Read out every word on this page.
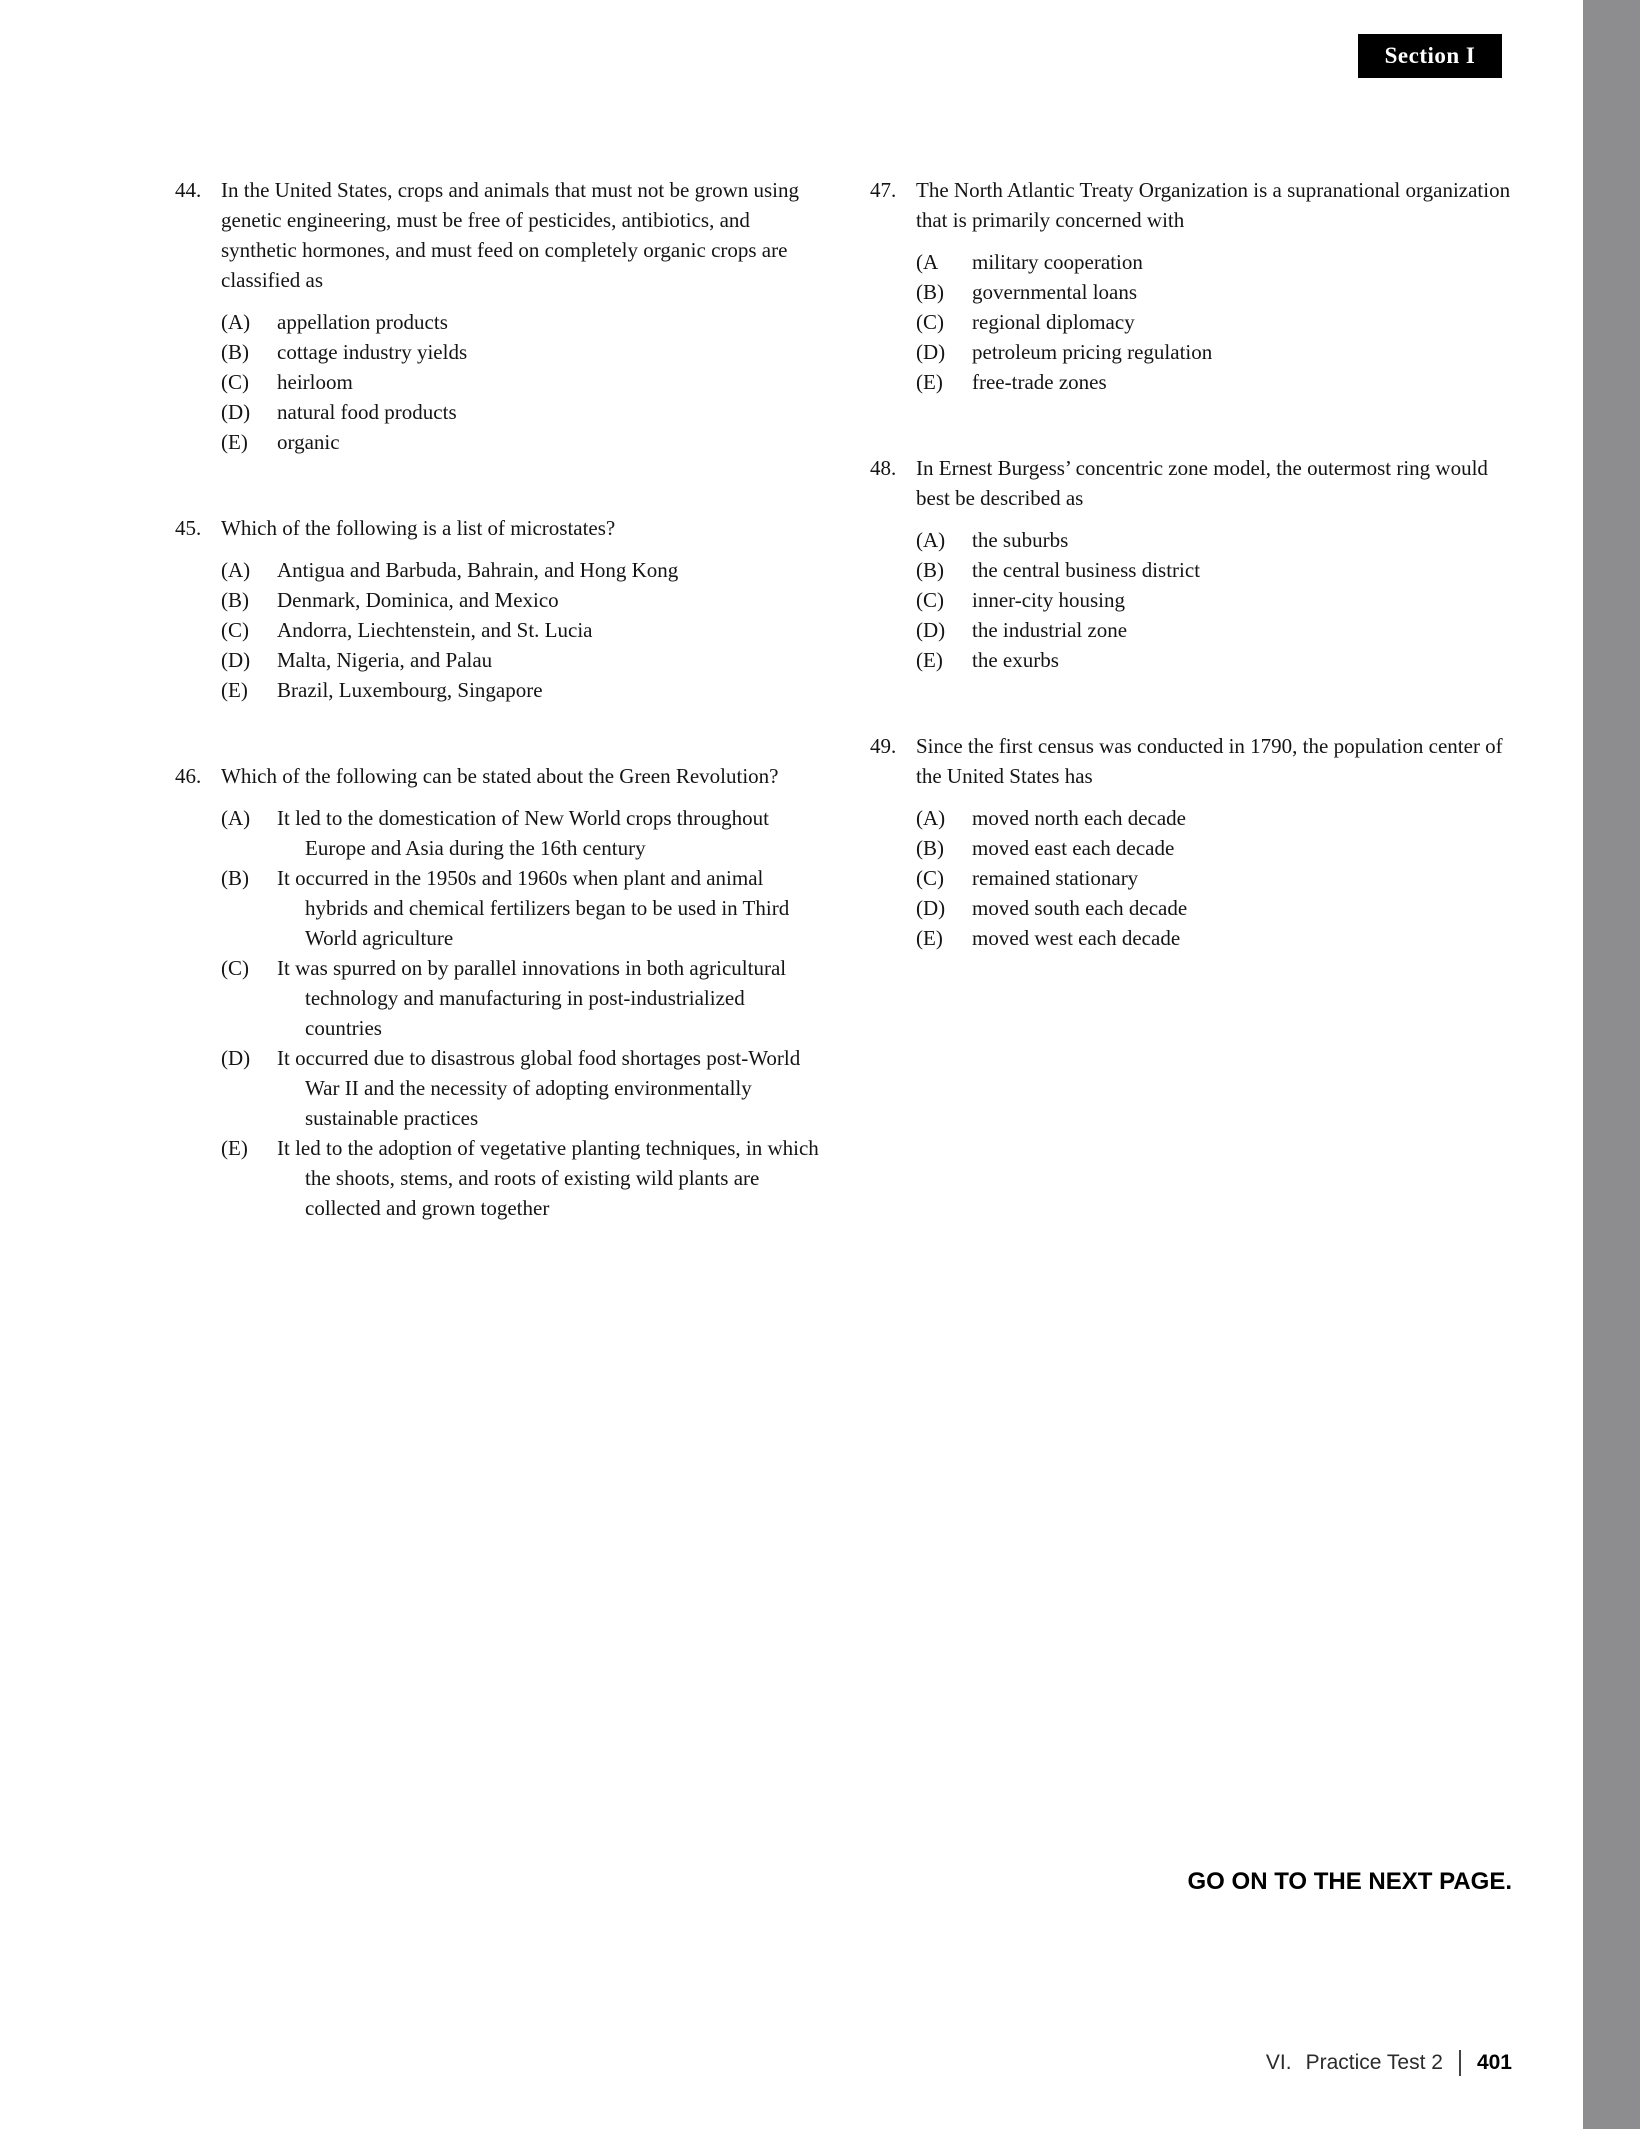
Section I
44. In the United States, crops and animals that must not be grown using genetic engineering, must be free of pesticides, antibiotics, and synthetic hormones, and must feed on completely organic crops are classified as
(A)	appellation products
(B)	cottage industry yields
(C)	heirloom
(D)	natural food products
(E)	organic
45. Which of the following is a list of microstates?
(A)	Antigua and Barbuda, Bahrain, and Hong Kong
(B)	Denmark, Dominica, and Mexico
(C)	Andorra, Liechtenstein, and St. Lucia
(D)	Malta, Nigeria, and Palau
(E)	Brazil, Luxembourg, Singapore
46. Which of the following can be stated about the Green Revolution?
(A)	It led to the domestication of New World crops throughout Europe and Asia during the 16th century
(B)	It occurred in the 1950s and 1960s when plant and animal hybrids and chemical fertilizers began to be used in Third World agriculture
(C)	It was spurred on by parallel innovations in both agricultural technology and manufacturing in post-industrialized countries
(D)	It occurred due to disastrous global food shortages post-World War II and the necessity of adopting environmentally sustainable practices
(E)	It led to the adoption of vegetative planting techniques, in which the shoots, stems, and roots of existing wild plants are collected and grown together
47. The North Atlantic Treaty Organization is a supranational organization that is primarily concerned with
(A	military cooperation
(B)	governmental loans
(C)	regional diplomacy
(D)	petroleum pricing regulation
(E)	free-trade zones
48. In Ernest Burgess’ concentric zone model, the outermost ring would best be described as
(A)	the suburbs
(B)	the central business district
(C)	inner-city housing
(D)	the industrial zone
(E)	the exurbs
49. Since the first census was conducted in 1790, the population center of the United States has
(A)	moved north each decade
(B)	moved east each decade
(C)	remained stationary
(D)	moved south each decade
(E)	moved west each decade
GO ON TO THE NEXT PAGE.
VI. Practice Test 2 401
